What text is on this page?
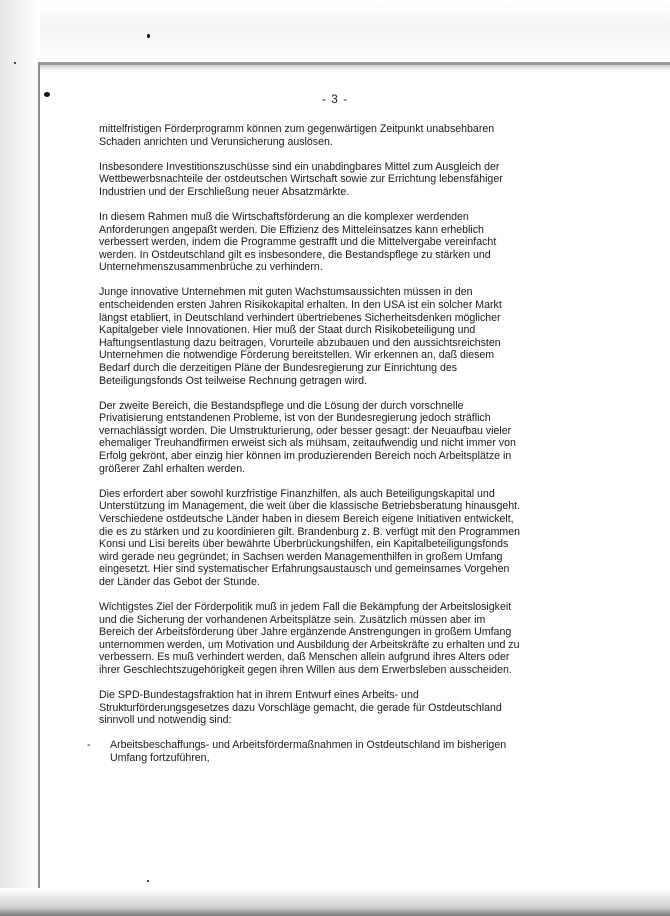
- 3 -

mittelfristigen Förderprogramm können zum gegenwärtigen Zeitpunkt unabsehbaren Schaden anrichten und Verunsicherung auslösen.

Insbesondere Investitionszuschüsse sind ein unabdingbares Mittel zum Ausgleich der Wettbewerbsnachteile der ostdeutschen Wirtschaft sowie zur Errichtung lebensfähiger Industrien und der Erschließung neuer Absatzmärkte.

In diesem Rahmen muß die Wirtschaftsförderung an die komplexer werdenden Anforderungen angepaßt werden. Die Effizienz des Mitteleinsatzes kann erheblich verbessert werden, indem die Programme gestrafft und die Mittelvergabe vereinfacht werden. In Ostdeutschland gilt es insbesondere, die Bestandspflege zu stärken und Unternehmenszusammenbrüche zu verhindern.

Junge innovative Unternehmen mit guten Wachstumsaussichten müssen in den entscheidenden ersten Jahren Risikokapital erhalten. In den USA ist ein solcher Markt längst etabliert, in Deutschland verhindert übertriebenes Sicherheitsdenken möglicher Kapitalgeber viele Innovationen. Hier muß der Staat durch Risikobeteiligung und Haftungsentlastung dazu beitragen, Vorurteile abzubauen und den aussichtsreichsten Unternehmen die notwendige Förderung bereitstellen. Wir erkennen an, daß diesem Bedarf durch die derzeitigen Pläne der Bundesregierung zur Einrichtung des Beteiligungsfonds Ost teilweise Rechnung getragen wird.

Der zweite Bereich, die Bestandspflege und die Lösung der durch vorschnelle Privatisierung entstandenen Probleme, ist von der Bundesregierung jedoch sträflich vernachlässigt worden. Die Umstrukturierung, oder besser gesagt: der Neuaufbau vieler ehemaliger Treuhandfirmen erweist sich als mühsam, zeitaufwendig und nicht immer von Erfolg gekrönt, aber einzig hier können im produzierenden Bereich noch Arbeitsplätze in größerer Zahl erhalten werden.

Dies erfordert aber sowohl kurzfristige Finanzhilfen, als auch Beteiligungskapital und Unterstützung im Management, die weit über die klassische Betriebsberatung hinausgeht. Verschiedene ostdeutsche Länder haben in diesem Bereich eigene Initiativen entwickelt, die es zu stärken und zu koordinieren gilt. Brandenburg z. B. verfügt mit den Programmen Konsi und Lisi bereits über bewährte Überbrückungshilfen, ein Kapitalbeteiligungsfonds wird gerade neu gegründet; in Sachsen werden Managementhilfen in großem Umfang eingesetzt. Hier sind systematischer Erfahrungsaustausch und gemeinsames Vorgehen der Länder das Gebot der Stunde.

Wichtigstes Ziel der Förderpolitik muß in jedem Fall die Bekämpfung der Arbeitslosigkeit und die Sicherung der vorhandenen Arbeitsplätze sein. Zusätzlich müssen aber im Bereich der Arbeitsförderung über Jahre ergänzende Anstrengungen in großem Umfang unternommen werden, um Motivation und Ausbildung der Arbeitskräfte zu erhalten und zu verbessern. Es muß verhindert werden, daß Menschen allein aufgrund ihres Alters oder ihrer Geschlechtszugehörigkeit gegen ihren Willen aus dem Erwerbsleben ausscheiden.

Die SPD-Bundestagsfraktion hat in ihrem Entwurf eines Arbeits- und Strukturförderungsgesetzes dazu Vorschläge gemacht, die gerade für Ostdeutschland sinnvoll und notwendig sind:

-	Arbeitsbeschaffungs- und Arbeitsfördermaßnahmen in Ostdeutschland im bisherigen Umfang fortzuführen,
